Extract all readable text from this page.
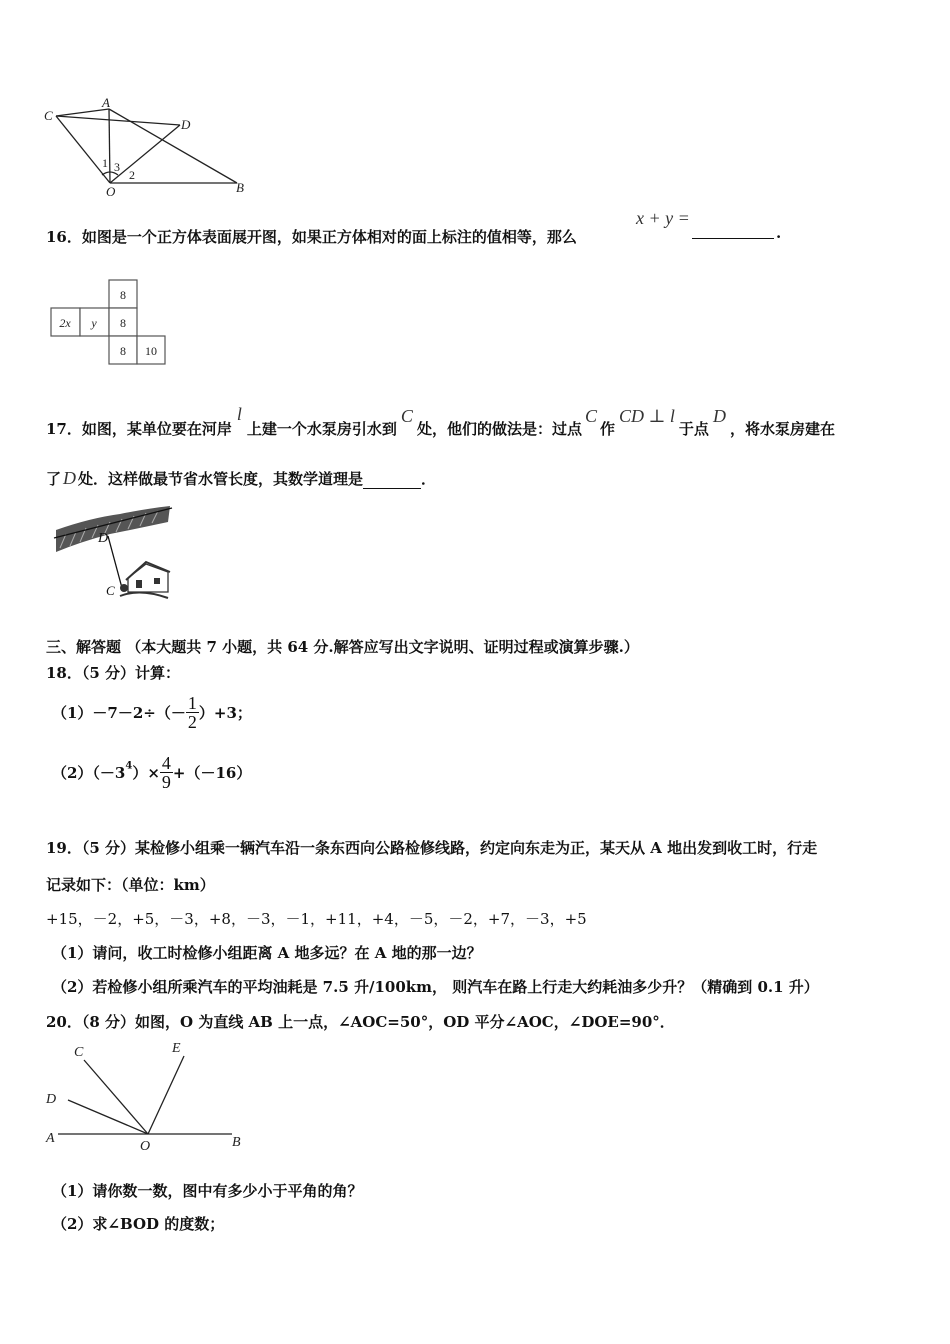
C
A
D
O	B
1 3
2
16．如图是一个正方体表面展开图，如果正方体相对的面上标注的值相等，那么
x + y =
.
8
2x y 8
8 10
17．如图，某单位要在河岸l上建一个水泵房引水到C处，他们的做法是：过点C作CD ⊥ l于点D，将水泵房建在
了 D 处．这样做最节省水管长度，其数学道理是	．
D
C
三、解答题 （本大题共 7 小题，共 64 分.解答应写出文字说明、证明过程或演算步骤.）
18．（5 分）计算：
$(1)-7-2\div(- \frac{1}{2} )+3$；
$(2)(-3^4)\times \frac{4}{9} +(-16)$
19．（5 分）某检修小组乘一辆汽车沿一条东西向公路检修线路，约定向东走为正，某天从 A 地出发到收工时，行走
记录如下：（单位：km）
+15，－2，+5，－3，+8，－3，－1，+11，+4，－5，－2，+7，－3，+5
（1）请问，收工时检修小组距离 A 地多远？在 A 地的那一边？
（2）若检修小组所乘汽车的平均油耗是 7.5 升/100km， 则汽车在路上行走大约耗油多少升？（精确到 0.1 升）
20．（8 分）如图，O 为直线 AB 上一点，∠AOC=50°，OD 平分∠AOC，∠DOE=90°．
C	E
D
A
O	B
（1）请你数一数，图中有多少小于平角的角？
（2）求∠BOD 的度数；
